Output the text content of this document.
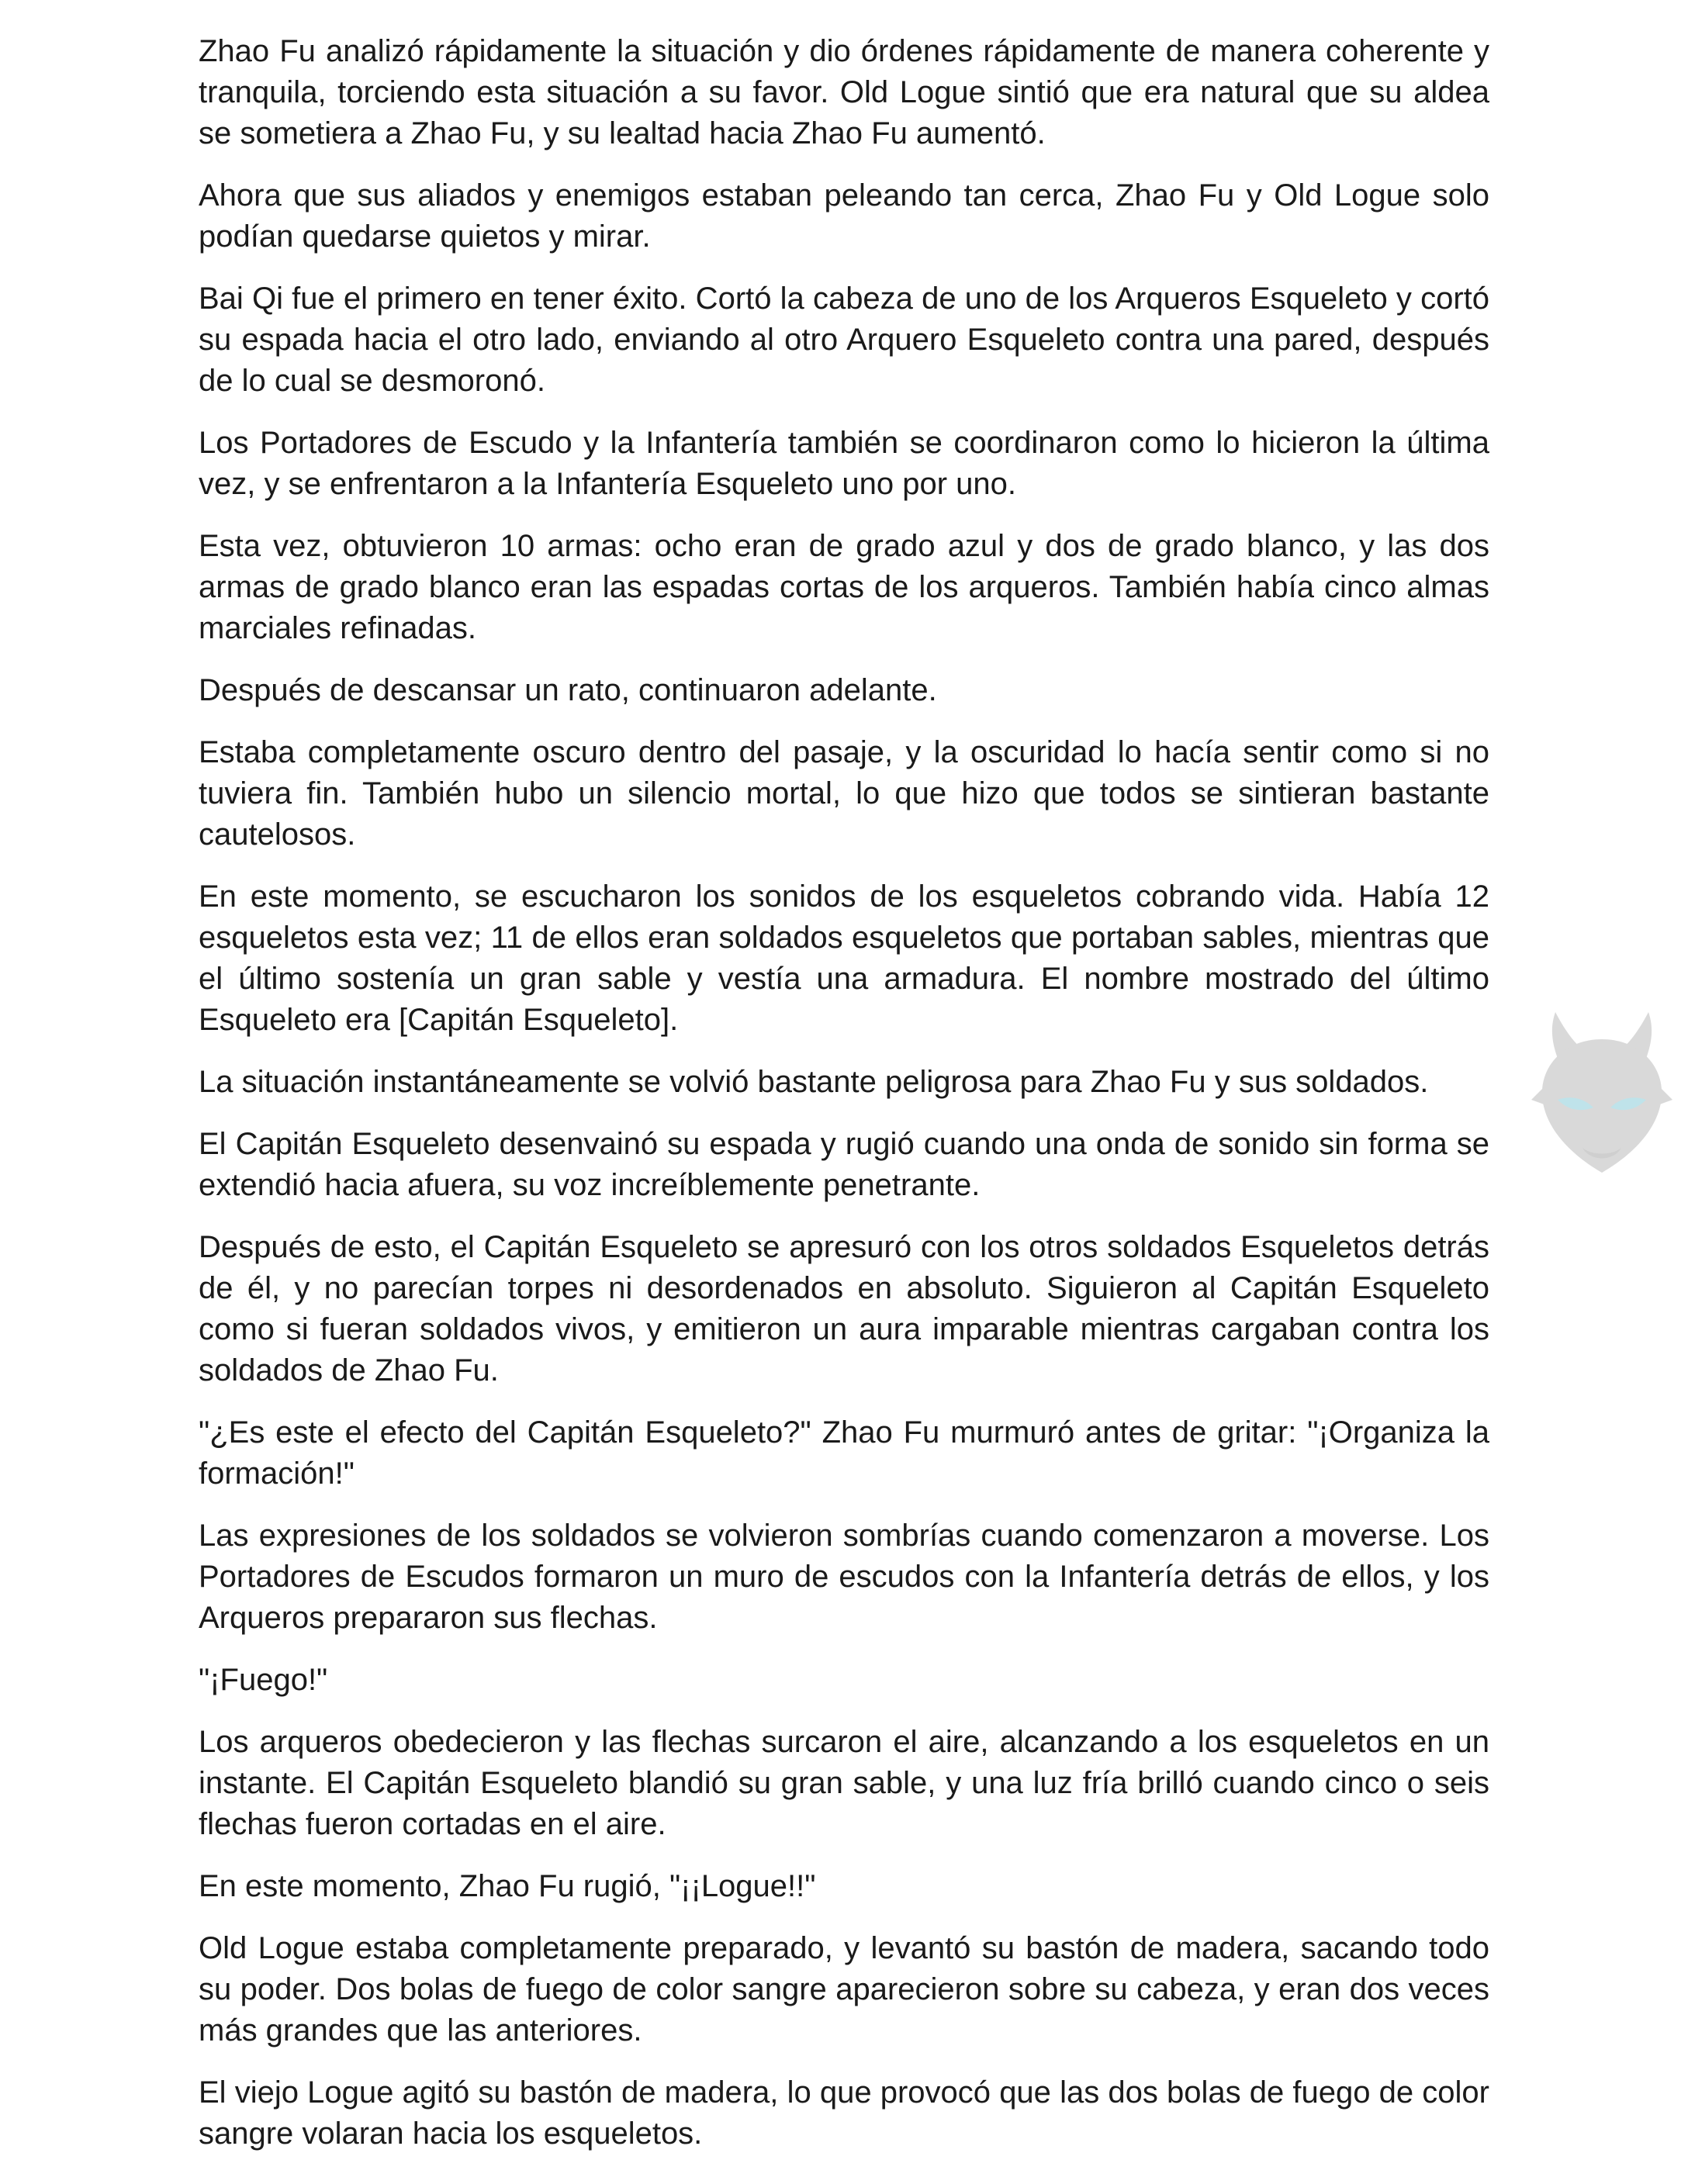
Zhao Fu analizó rápidamente la situación y dio órdenes rápidamente de manera coherente y tranquila, torciendo esta situación a su favor. Old Logue sintió que era natural que su aldea se sometiera a Zhao Fu, y su lealtad hacia Zhao Fu aumentó.

Ahora que sus aliados y enemigos estaban peleando tan cerca, Zhao Fu y Old Logue solo podían quedarse quietos y mirar.

Bai Qi fue el primero en tener éxito. Cortó la cabeza de uno de los Arqueros Esqueleto y cortó su espada hacia el otro lado, enviando al otro Arquero Esqueleto contra una pared, después de lo cual se desmoronó.

Los Portadores de Escudo y la Infantería también se coordinaron como lo hicieron la última vez, y se enfrentaron a la Infantería Esqueleto uno por uno.

Esta vez, obtuvieron 10 armas: ocho eran de grado azul y dos de grado blanco, y las dos armas de grado blanco eran las espadas cortas de los arqueros. También había cinco almas marciales refinadas.

Después de descansar un rato, continuaron adelante.

Estaba completamente oscuro dentro del pasaje, y la oscuridad lo hacía sentir como si no tuviera fin. También hubo un silencio mortal, lo que hizo que todos se sintieran bastante cautelosos.

En este momento, se escucharon los sonidos de los esqueletos cobrando vida. Había 12 esqueletos esta vez; 11 de ellos eran soldados esqueletos que portaban sables, mientras que el último sostenía un gran sable y vestía una armadura. El nombre mostrado del último Esqueleto era [Capitán Esqueleto].

La situación instantáneamente se volvió bastante peligrosa para Zhao Fu y sus soldados.

El Capitán Esqueleto desenvainó su espada y rugió cuando una onda de sonido sin forma se extendió hacia afuera, su voz increíblemente penetrante.

Después de esto, el Capitán Esqueleto se apresuró con los otros soldados Esqueletos detrás de él, y no parecían torpes ni desordenados en absoluto. Siguieron al Capitán Esqueleto como si fueran soldados vivos, y emitieron un aura imparable mientras cargaban contra los soldados de Zhao Fu.

"¿Es este el efecto del Capitán Esqueleto?" Zhao Fu murmuró antes de gritar: "¡Organiza la formación!"

Las expresiones de los soldados se volvieron sombrías cuando comenzaron a moverse. Los Portadores de Escudos formaron un muro de escudos con la Infantería detrás de ellos, y los Arqueros prepararon sus flechas.

"¡Fuego!"

Los arqueros obedecieron y las flechas surcaron el aire, alcanzando a los esqueletos en un instante. El Capitán Esqueleto blandió su gran sable, y una luz fría brilló cuando cinco o seis flechas fueron cortadas en el aire.

En este momento, Zhao Fu rugió, "¡¡Logue!!"

Old Logue estaba completamente preparado, y levantó su bastón de madera, sacando todo su poder. Dos bolas de fuego de color sangre aparecieron sobre su cabeza, y eran dos veces más grandes que las anteriores.

El viejo Logue agitó su bastón de madera, lo que provocó que las dos bolas de fuego de color sangre volaran hacia los esqueletos.
